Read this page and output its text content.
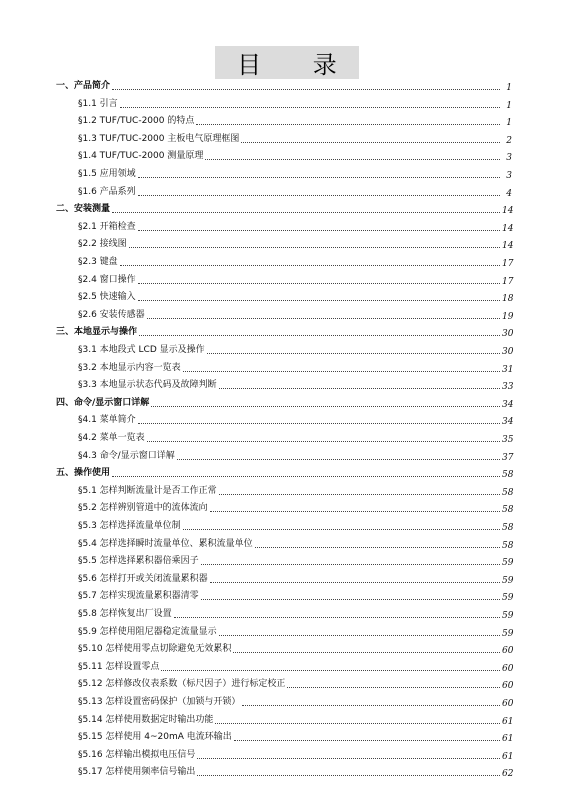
目 录
一、产品简介	1
§1.1 引言	1
§1.2 TUF/TUC-2000 的特点	1
§1.3 TUF/TUC-2000 主板电气原理框图	2
§1.4 TUF/TUC-2000 测量原理	3
§1.5 应用领域	3
§1.6 产品系列	4
二、安装测量	14
§2.1 开箱检查	14
§2.2 接线图	14
§2.3 键盘	17
§2.4 窗口操作	17
§2.5 快速输入	18
§2.6 安装传感器	19
三、本地显示与操作	30
§3.1 本地段式 LCD 显示及操作	30
§3.2 本地显示内容一览表	31
§3.3 本地显示状态代码及故障判断	33
四、命令/显示窗口详解	34
§4.1 菜单简介	34
§4.2 菜单一览表	35
§4.3 命令/显示窗口详解	37
五、操作使用	58
§5.1 怎样判断流量计是否工作正常	58
§5.2 怎样辨别管道中的流体流向	58
§5.3 怎样选择流量单位制	58
§5.4 怎样选择瞬时流量单位、累积流量单位	58
§5.5 怎样选择累积器倍乘因子	59
§5.6 怎样打开或关闭流量累积器	59
§5.7 怎样实现流量累积器清零	59
§5.8 怎样恢复出厂设置	59
§5.9 怎样使用阻尼器稳定流量显示	59
§5.10 怎样使用零点切除避免无效累积	60
§5.11 怎样设置零点	60
§5.12 怎样修改仪表系数（标尺因子）进行标定校正	60
§5.13 怎样设置密码保护（加锁与开锁）	60
§5.14 怎样使用数据定时输出功能	61
§5.15 怎样使用 4~20mA 电流环输出	61
§5.16 怎样输出模拟电压信号	61
§5.17 怎样使用频率信号输出	62
